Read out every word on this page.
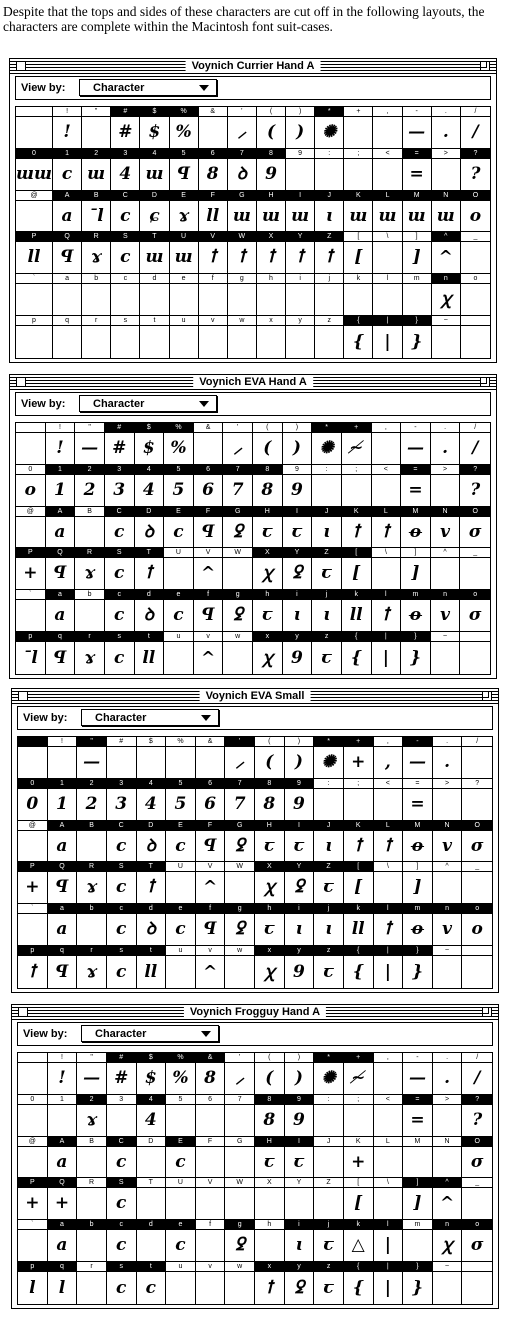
Despite that the tops and sides of these characters are cut off in the following layouts, the characters are complete within the Macintosh font suit-cases.
Voynich Currier Hand A
View by:	Character
!
!
"	#
#
$
$
%
%
&	'
⸝
(
(
)
)
*
✺
+	,	-
—
.
.
/
/
0
ɯɯ
1
ϲ
2
ɯ
3
4
4
ɯ
5
ꟼ
6
8
7
ꝺ
8
9
9	:	;	<	=
=
>	?
?
@	A
a
B
ˉl
C
c
D
ɕ
E
ɤ
F
ll
G
ɯ
H
ɯ
I
ɯ
J
ɩ
K
ɯ
L
ɯ
M
ɯ
N
ɯ
O
o
P
ll
Q
ꟼ
R
ɤ
S
ϲ
T
ɯ
U
ɯ
V
ꝉ
W
ꝉ
X
ꝉ
Y
ꝉ
Z
ꝉ
[
[
\	]
]
^
^
_
`	a	b	c	d	e	f	g	h	i	j	k	l	m	n
ꭓ
o
p	q	r	s	t	u	v	w	x	y	z	{
{
|
|
}
}
~
Voynich EVA Hand A
View by:	Character
!
!
"
—
#
#
$
$
%
%
&	'
⸝
(
(
)
)
*
✺
+
≁
,	-
—
.
.
/
/
0
o
1
1
2
2
3
3
4
4
5
5
6
6
7
7
8
8
9
9
:	;	<	=
=
>	?
?
@	A
a
B	C
c
D
ꝺ
E
ϲ
F
ꟼ
G
ꝿ
H
ꞇ
I
ꞇ
J
ɩ
K
ꝉ
L
ꝉ
M
ꝋ
N
v
O
σ
P
+
Q
ꟼ
R
ɤ
S
ϲ
T
ꝉ
U	V
^
W	X
ꭓ
Y
ꝿ
Z
ꞇ
[
[
\	]
]
^	_
`	a
a
b	c
c
d
ꝺ
e
ϲ
f
ꟼ
g
ꝿ
h
ꞇ
i
ɩ
j
ɩ
k
ll
l
ꝉ
m
ꝋ
n
v
o
σ
p
ˉl
q
ꟼ
r
ɤ
s
ϲ
t
ll
u	v
^
w	x
ꭓ
y
9
z
ꞇ
{
{
|
|
}
}
~
Voynich EVA Small
View by:	Character
!	"
—
#	$	%	&	'
⸝
(
(
)
)
*
✺
+
+
,
,
-
—
.
.
/
0
0
1
1
2
2
3
3
4
4
5
5
6
6
7
7
8
8
9
9
:	;	<	=
=
>	?
@	A
a
B	C
c
D
ꝺ
E
ϲ
F
ꟼ
G
ꝿ
H
ꞇ
I
ꞇ
J
ɩ
K
ꝉ
L
ꝉ
M
ꝋ
N
v
O
σ
P
+
Q
ꟼ
R
ɤ
S
ϲ
T
ꝉ
U	V
^
W	X
ꭓ
Y
ꝿ
Z
ꞇ
[
[
\	]
]
^	_
`	a
a
b	c
c
d
ꝺ
e
ϲ
f
ꟼ
g
ꝿ
h
ꞇ
i
ɩ
j
ɩ
k
ll
l
ꝉ
m
ꝋ
n
v
o
o
p
ꝉ
q
ꟼ
r
ɤ
s
ϲ
t
ll
u	v
^
w	x
ꭓ
y
9
z
ꞇ
{
{
|
|
}
}
~
Voynich Frogguy Hand A
View by:	Character
!
!
"
—
#
#
$
$
%
%
&
8
'
⸝
(
(
)
)
*
✺
+
≁
,	-
—
.
.
/
/
0	1	2
ɤ
3	4
4
5	6	7	8
8
9
9
:	;	<	=
=
>	?
?
@	A
a
B	C
c
D	E
ϲ
F	G	H
ꞇ
I
ꞇ
J	K
+
L	M	N	O
σ
P
+
Q
+
R	S
ϲ
T	U	V	W	X	Y	Z	[
[
\	]
]
^
^
_
`	a
a
b	c
c
d	e
ϲ
f	g
ꝿ
h	i
ɩ
j
ꞇ
k
△
l
|
m	n
ꭓ
o
σ
p
l
q
l
r	s
ϲ
t
ϲ
u	v	w	x
ꝉ
y
ꝿ
z
ꞇ
{
{
|
|
}
}
~
